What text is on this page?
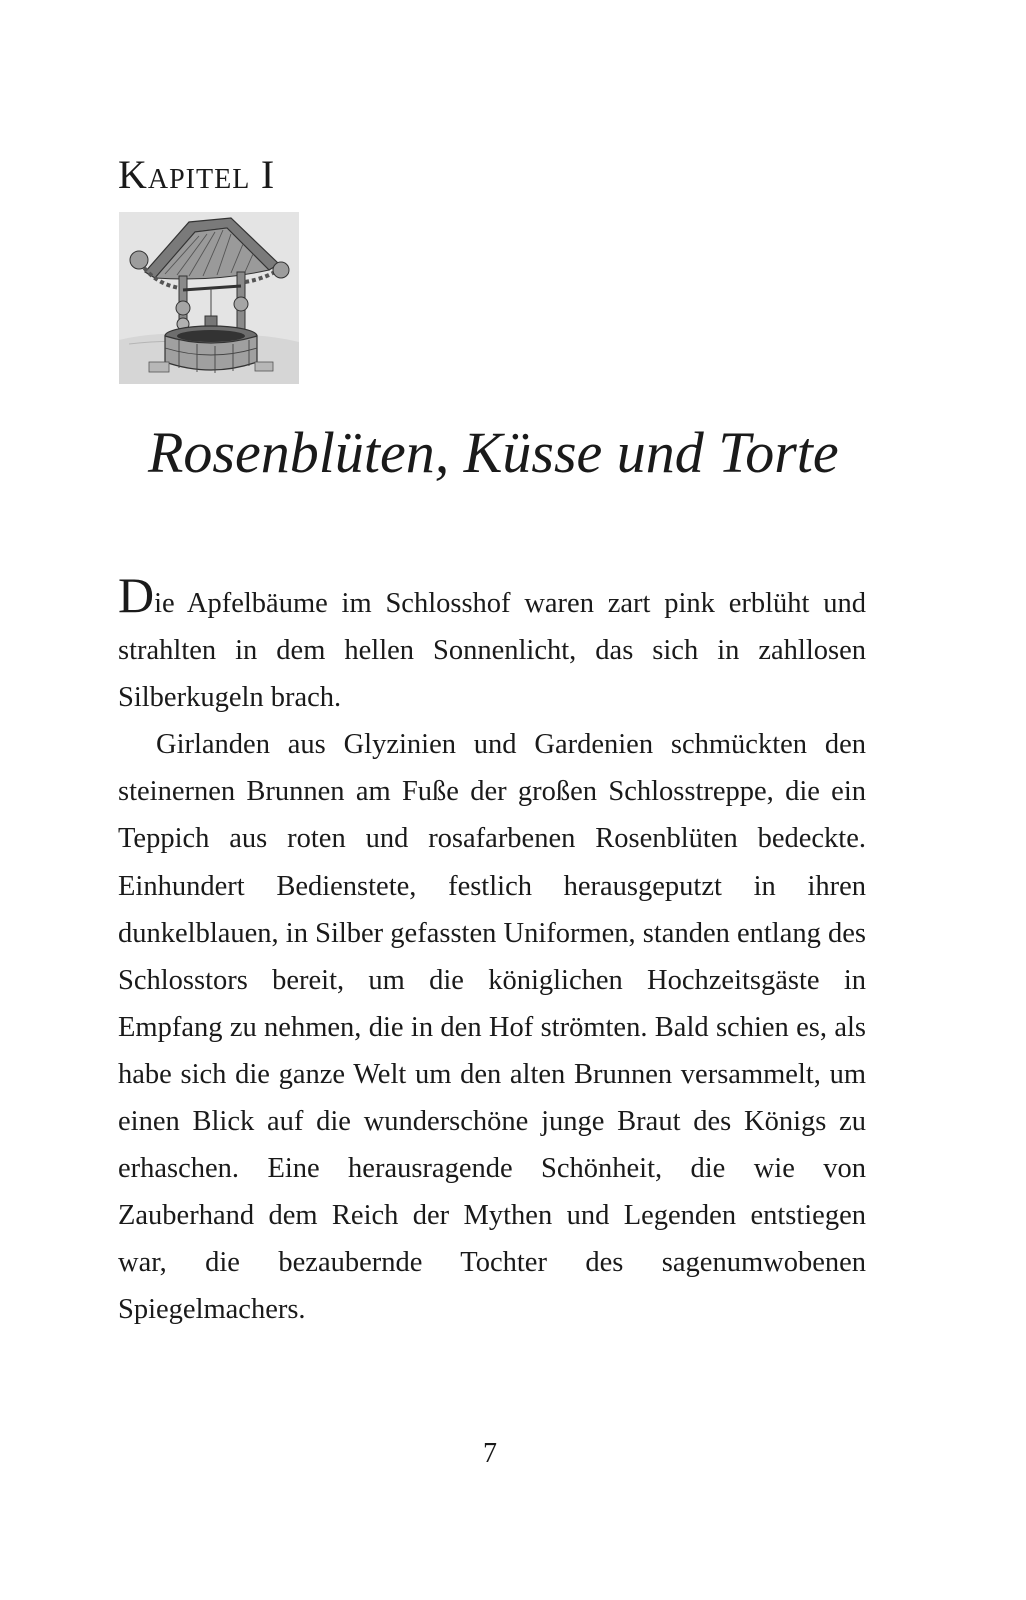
KAPITEL I
Rosenblüten, Küsse und Torte

Die Apfelbäume im Schlosshof waren zart pink erblüht und strahlten in dem hellen Sonnenlicht, das sich in zahllosen Silberkugeln brach.

Girlanden aus Glyzinien und Gardenien schmückten den steinernen Brunnen am Fuße der großen Schlosstreppe, die ein Teppich aus roten und rosafarbenen Rosenblüten bedeckte. Einhundert Bedienstete, festlich herausgeputzt in ihren dunkelblauen, in Silber gefassten Uniformen, standen entlang des Schlosstors bereit, um die königlichen Hochzeitsgäste in Empfang zu nehmen, die in den Hof strömten. Bald schien es, als habe sich die ganze Welt um den alten Brunnen versammelt, um einen Blick auf die wunderschöne junge Braut des Königs zu erhaschen. Eine herausragende Schönheit, die wie von Zauberhand dem Reich der Mythen und Legenden entstiegen war, die bezaubernde Tochter des sagenumwobenen Spiegelmachers.

7
